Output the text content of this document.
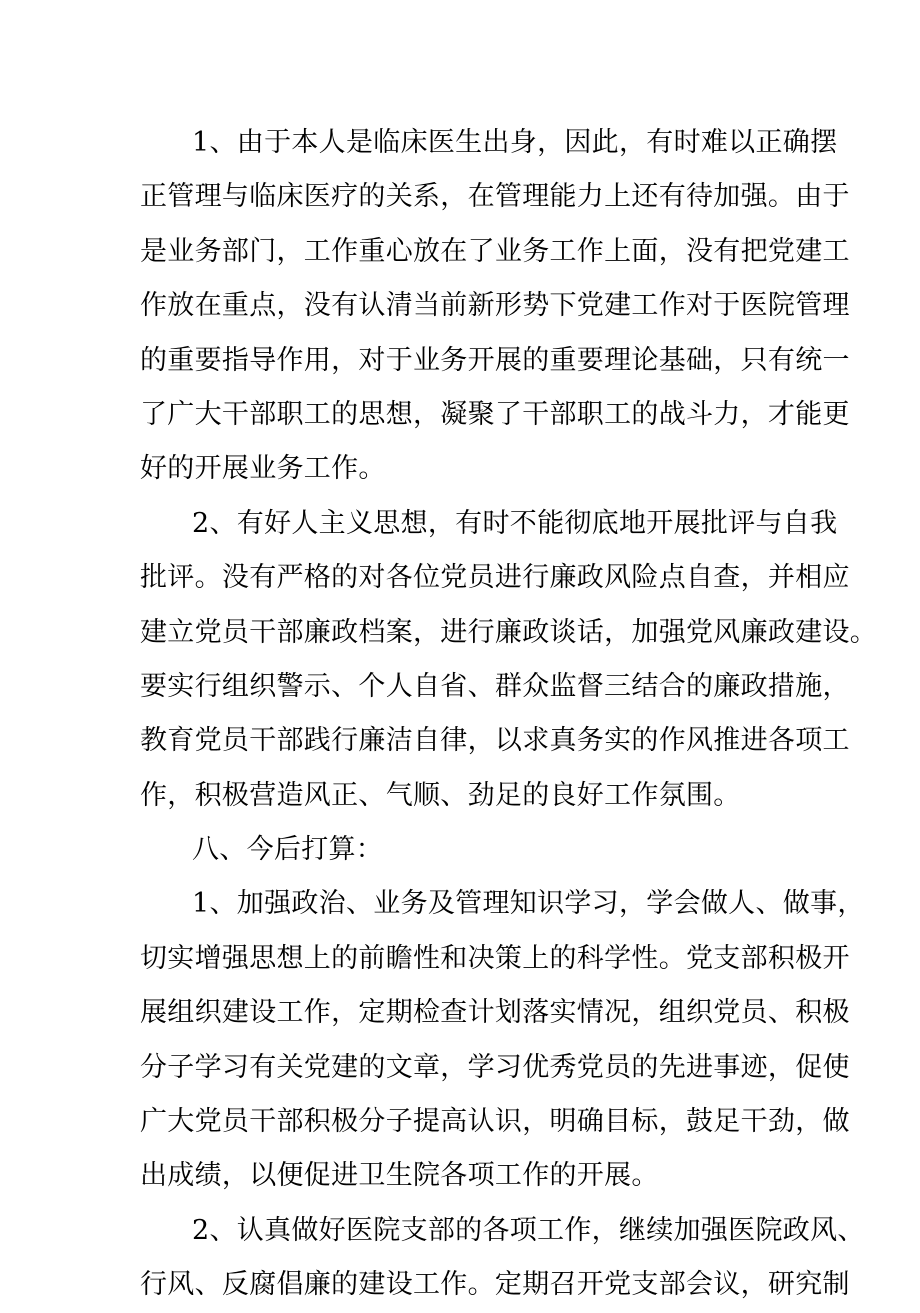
1、由于本人是临床医生出身，因此，有时难以正确摆
正管理与临床医疗的关系，在管理能力上还有待加强。由于
是业务部门，工作重心放在了业务工作上面，没有把党建工
作放在重点，没有认清当前新形势下党建工作对于医院管理
的重要指导作用，对于业务开展的重要理论基础，只有统一
了广大干部职工的思想，凝聚了干部职工的战斗力，才能更
好的开展业务工作。
2、有好人主义思想，有时不能彻底地开展批评与自我
批评。没有严格的对各位党员进行廉政风险点自查，并相应
建立党员干部廉政档案，进行廉政谈话，加强党风廉政建设。
要实行组织警示、个人自省、群众监督三结合的廉政措施，
教育党员干部践行廉洁自律，以求真务实的作风推进各项工
作，积极营造风正、气顺、劲足的良好工作氛围。
八、今后打算：
1、加强政治、业务及管理知识学习，学会做人、做事，
切实增强思想上的前瞻性和决策上的科学性。党支部积极开
展组织建设工作，定期检查计划落实情况，组织党员、积极
分子学习有关党建的文章，学习优秀党员的先进事迹，促使
广大党员干部积极分子提高认识，明确目标，鼓足干劲，做
出成绩，以便促进卫生院各项工作的开展。
2、认真做好医院支部的各项工作，继续加强医院政风、
行风、反腐倡廉的建设工作。定期召开党支部会议，研究制
